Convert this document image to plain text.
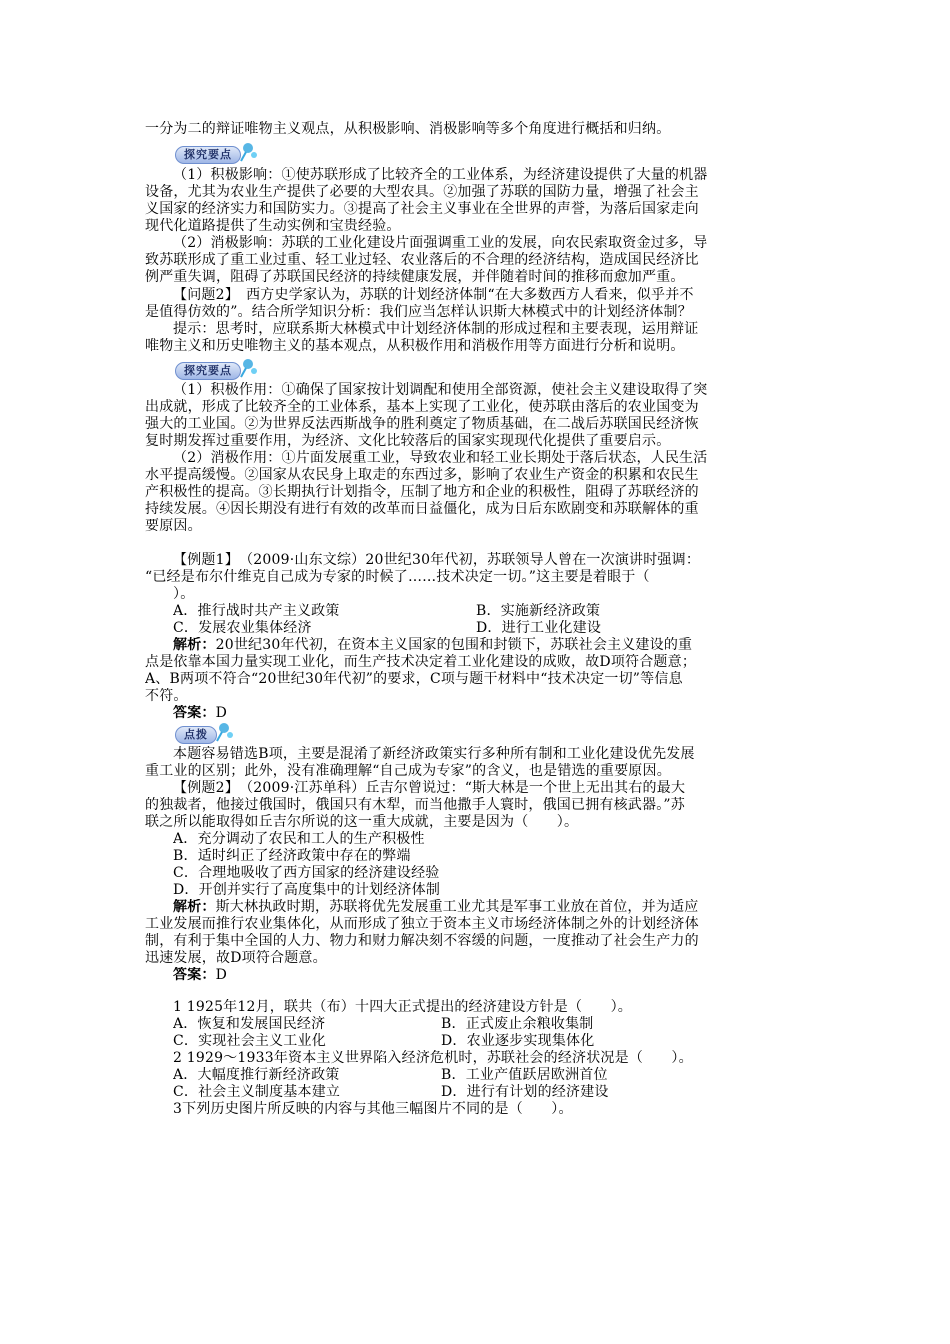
一分为二的辩证唯物主义观点，从积极影响、消极影响等多个角度进行概括和归纳。
探究要点
（1）积极影响：①使苏联形成了比较齐全的工业体系，为经济建设提供了大量的机器
设备，尤其为农业生产提供了必要的大型农具。②加强了苏联的国防力量，增强了社会主
义国家的经济实力和国防实力。③提高了社会主义事业在全世界的声誉，为落后国家走向
现代化道路提供了生动实例和宝贵经验。
（2）消极影响：苏联的工业化建设片面强调重工业的发展，向农民索取资金过多，导
致苏联形成了重工业过重、轻工业过轻、农业落后的不合理的经济结构，造成国民经济比
例严重失调，阻碍了苏联国民经济的持续健康发展，并伴随着时间的推移而愈加严重。
【问题2】　西方史学家认为，苏联的计划经济体制“在大多数西方人看来，似乎并不
是值得仿效的”。结合所学知识分析：我们应当怎样认识斯大林模式中的计划经济体制？
提示：思考时，应联系斯大林模式中计划经济体制的形成过程和主要表现，运用辩证
唯物主义和历史唯物主义的基本观点，从积极作用和消极作用等方面进行分析和说明。
探究要点
（1）积极作用：①确保了国家按计划调配和使用全部资源，使社会主义建设取得了突
出成就，形成了比较齐全的工业体系，基本上实现了工业化，使苏联由落后的农业国变为
强大的工业国。②为世界反法西斯战争的胜利奠定了物质基础，在二战后苏联国民经济恢
复时期发挥过重要作用，为经济、文化比较落后的国家实现现代化提供了重要启示。
（2）消极作用：①片面发展重工业，导致农业和轻工业长期处于落后状态，人民生活
水平提高缓慢。②国家从农民身上取走的东西过多，影响了农业生产资金的积累和农民生
产积极性的提高。③长期执行计划指令，压制了地方和企业的积极性，阻碍了苏联经济的
持续发展。④因长期没有进行有效的改革而日益僵化，成为日后东欧剧变和苏联解体的重
要原因。
【例题1】　（2009·山东文综）20世纪30年代初，苏联领导人曾在一次演讲时强调：
“已经是布尔什维克自己成为专家的时候了……技术决定一切。”这主要是着眼于（
）。
A．推行战时共产主义政策	B．实施新经济政策
C．发展农业集体经济	D．进行工业化建设
解析：20世纪30年代初，在资本主义国家的包围和封锁下，苏联社会主义建设的重
点是依靠本国力量实现工业化，而生产技术决定着工业化建设的成败，故D项符合题意；
A、B两项不符合“20世纪30年代初”的要求，C项与题干材料中“技术决定一切”等信息
不符。
答案：D
点拨
本题容易错选B项，主要是混淆了新经济政策实行多种所有制和工业化建设优先发展
重工业的区别；此外，没有准确理解“自己成为专家”的含义，也是错选的重要原因。
【例题2】　（2009·江苏单科）丘吉尔曾说过：“斯大林是一个世上无出其右的最大
的独裁者，他接过俄国时，俄国只有木犁，而当他撒手人寰时，俄国已拥有核武器。”苏
联之所以能取得如丘吉尔所说的这一重大成就，主要是因为（　　）。
A．充分调动了农民和工人的生产积极性
B．适时纠正了经济政策中存在的弊端
C．合理地吸收了西方国家的经济建设经验
D．开创并实行了高度集中的计划经济体制
解析：斯大林执政时期，苏联将优先发展重工业尤其是军事工业放在首位，并为适应
工业发展而推行农业集体化，从而形成了独立于资本主义市场经济体制之外的计划经济体
制，有利于集中全国的人力、物力和财力解决刻不容缓的问题，一度推动了社会生产力的
迅速发展，故D项符合题意。
答案：D
1 1925年12月，联共（布）十四大正式提出的经济建设方针是（　　）。
A．恢复和发展国民经济	B．正式废止余粮收集制
C．实现社会主义工业化	D．农业逐步实现集体化
2 1929～1933年资本主义世界陷入经济危机时，苏联社会的经济状况是（　　）。
A．大幅度推行新经济政策	B．工业产值跃居欧洲首位
C．社会主义制度基本建立	D．进行有计划的经济建设
3下列历史图片所反映的内容与其他三幅图片不同的是（　　）。
